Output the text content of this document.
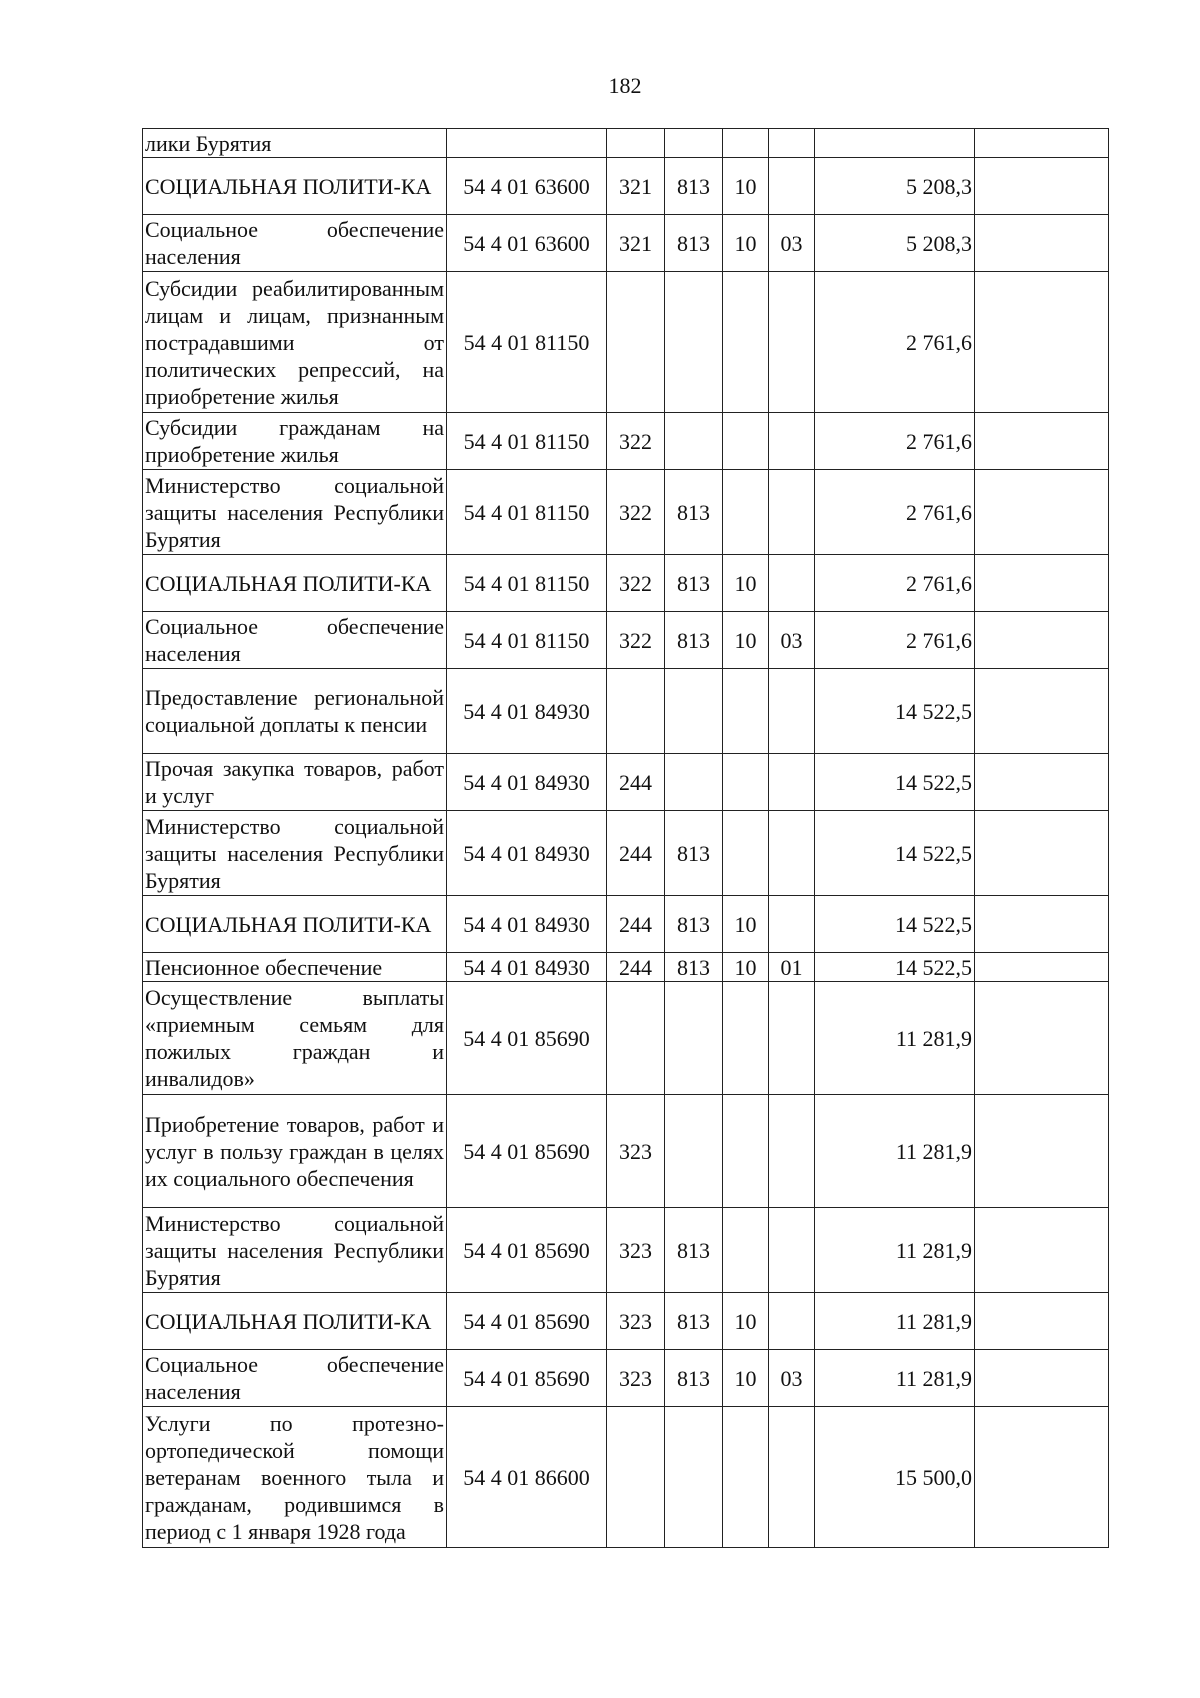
182
лики Бурятия							
СОЦИАЛЬНАЯ ПОЛИТИ-КА	54 4 01 63600	321	813	10		5 208,3	
Социальное обеспечение населения	54 4 01 63600	321	813	10	03	5 208,3	
Субсидии реабилитированным лицам и лицам, признанным пострадавшими от политических репрессий, на приобретение жилья	54 4 01 81150					2 761,6	
Субсидии гражданам на приобретение жилья	54 4 01 81150	322				2 761,6	
Министерство социальной защиты населения Республики Бурятия	54 4 01 81150	322	813			2 761,6	
СОЦИАЛЬНАЯ ПОЛИТИ-КА	54 4 01 81150	322	813	10		2 761,6	
Социальное обеспечение населения	54 4 01 81150	322	813	10	03	2 761,6	
Предоставление региональной социальной доплаты к пенсии	54 4 01 84930					14 522,5	
Прочая закупка товаров, работ и услуг	54 4 01 84930	244				14 522,5	
Министерство социальной защиты населения Республики Бурятия	54 4 01 84930	244	813			14 522,5	
СОЦИАЛЬНАЯ ПОЛИТИ-КА	54 4 01 84930	244	813	10		14 522,5	
Пенсионное обеспечение	54 4 01 84930	244	813	10	01	14 522,5	
Осуществление выплаты «приемным семьям для пожилых граждан и инвалидов»	54 4 01 85690					11 281,9	
Приобретение товаров, работ и услуг в пользу граждан в целях их социального обеспечения	54 4 01 85690	323				11 281,9	
Министерство социальной защиты населения Республики Бурятия	54 4 01 85690	323	813			11 281,9	
СОЦИАЛЬНАЯ ПОЛИТИ-КА	54 4 01 85690	323	813	10		11 281,9	
Социальное обеспечение населения	54 4 01 85690	323	813	10	03	11 281,9	
Услуги по протезно-ортопедической помощи ветеранам военного тыла и гражданам, родившимся в период с 1 января 1928 года	54 4 01 86600					15 500,0	
